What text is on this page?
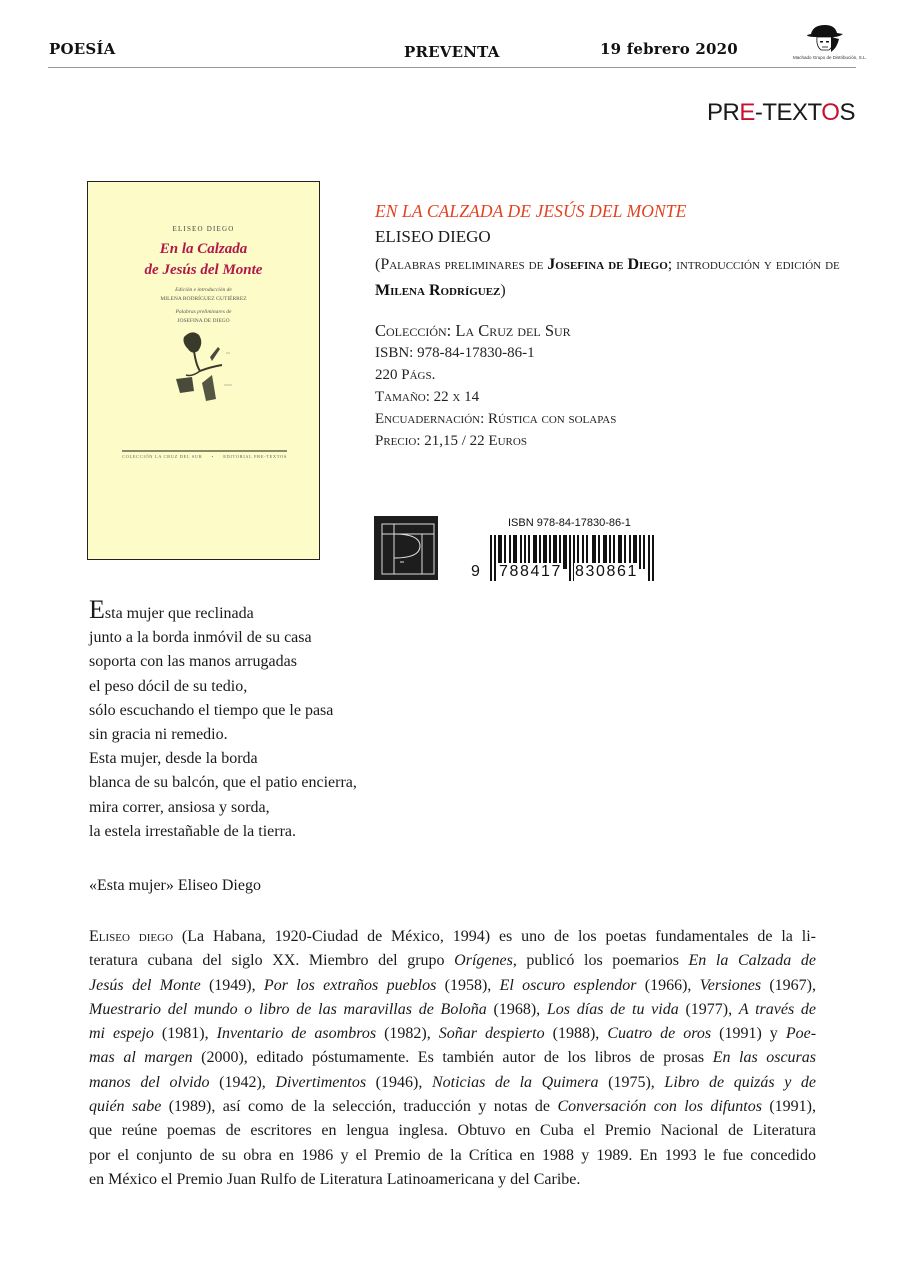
POESÍA	PREVENTA	19 febrero 2020	Machado Grupo de Distribución, S.L.
PRE-TEXTOS
ELISEO DIEGO
En la Calzada
de Jesús del Monte
Edición e introducción de
MILENA RODRÍGUEZ GUTIÉRREZ
Palabras preliminares de
JOSEFINA DE DIEGO
COLECCIÓN LA CRUZ DEL SUR • EDITORIAL PRE-TEXTOS
EN LA CALZADA DE JESÚS DEL MONTE
ELISEO DIEGO
(Palabras preliminares de Josefina de Diego; introducción y edición de Milena Rodríguez)
Colección: La Cruz del Sur
ISBN: 978-84-17830-86-1
220 Págs.
Tamaño: 22 x 14
Encuadernación: Rústica con solapas
Precio: 21,15 / 22 Euros
ISBN 978-84-17830-86-1
9 788417 830861
Esta mujer que reclinada
junto a la borda inmóvil de su casa
soporta con las manos arrugadas
el peso dócil de su tedio,
sólo escuchando el tiempo que le pasa
sin gracia ni remedio.
Esta mujer, desde la borda
blanca de su balcón, que el patio encierra,
mira correr, ansiosa y sorda,
la estela irrestañable de la tierra.
«Esta mujer» Eliseo Diego
Eliseo diego (La Habana, 1920-Ciudad de México, 1994) es uno de los poetas fundamentales de la li-
teratura cubana del siglo XX. Miembro del grupo Orígenes, publicó los poemarios En la Calzada de
Jesús del Monte (1949), Por los extraños pueblos (1958), El oscuro esplendor (1966), Versiones (1967),
Muestrario del mundo o libro de las maravillas de Boloña (1968), Los días de tu vida (1977), A través de
mi espejo (1981), Inventario de asombros (1982), Soñar despierto (1988), Cuatro de oros (1991) y Poe-
mas al margen (2000), editado póstumamente. Es también autor de los libros de prosas En las oscuras
manos del olvido (1942), Divertimentos (1946), Noticias de la Quimera (1975), Libro de quizás y de
quién sabe (1989), así como de la selección, traducción y notas de Conversación con los difuntos (1991),
que reúne poemas de escritores en lengua inglesa. Obtuvo en Cuba el Premio Nacional de Literatura
por el conjunto de su obra en 1986 y el Premio de la Crítica en 1988 y 1989. En 1993 le fue concedido
en México el Premio Juan Rulfo de Literatura Latinoamericana y del Caribe.
